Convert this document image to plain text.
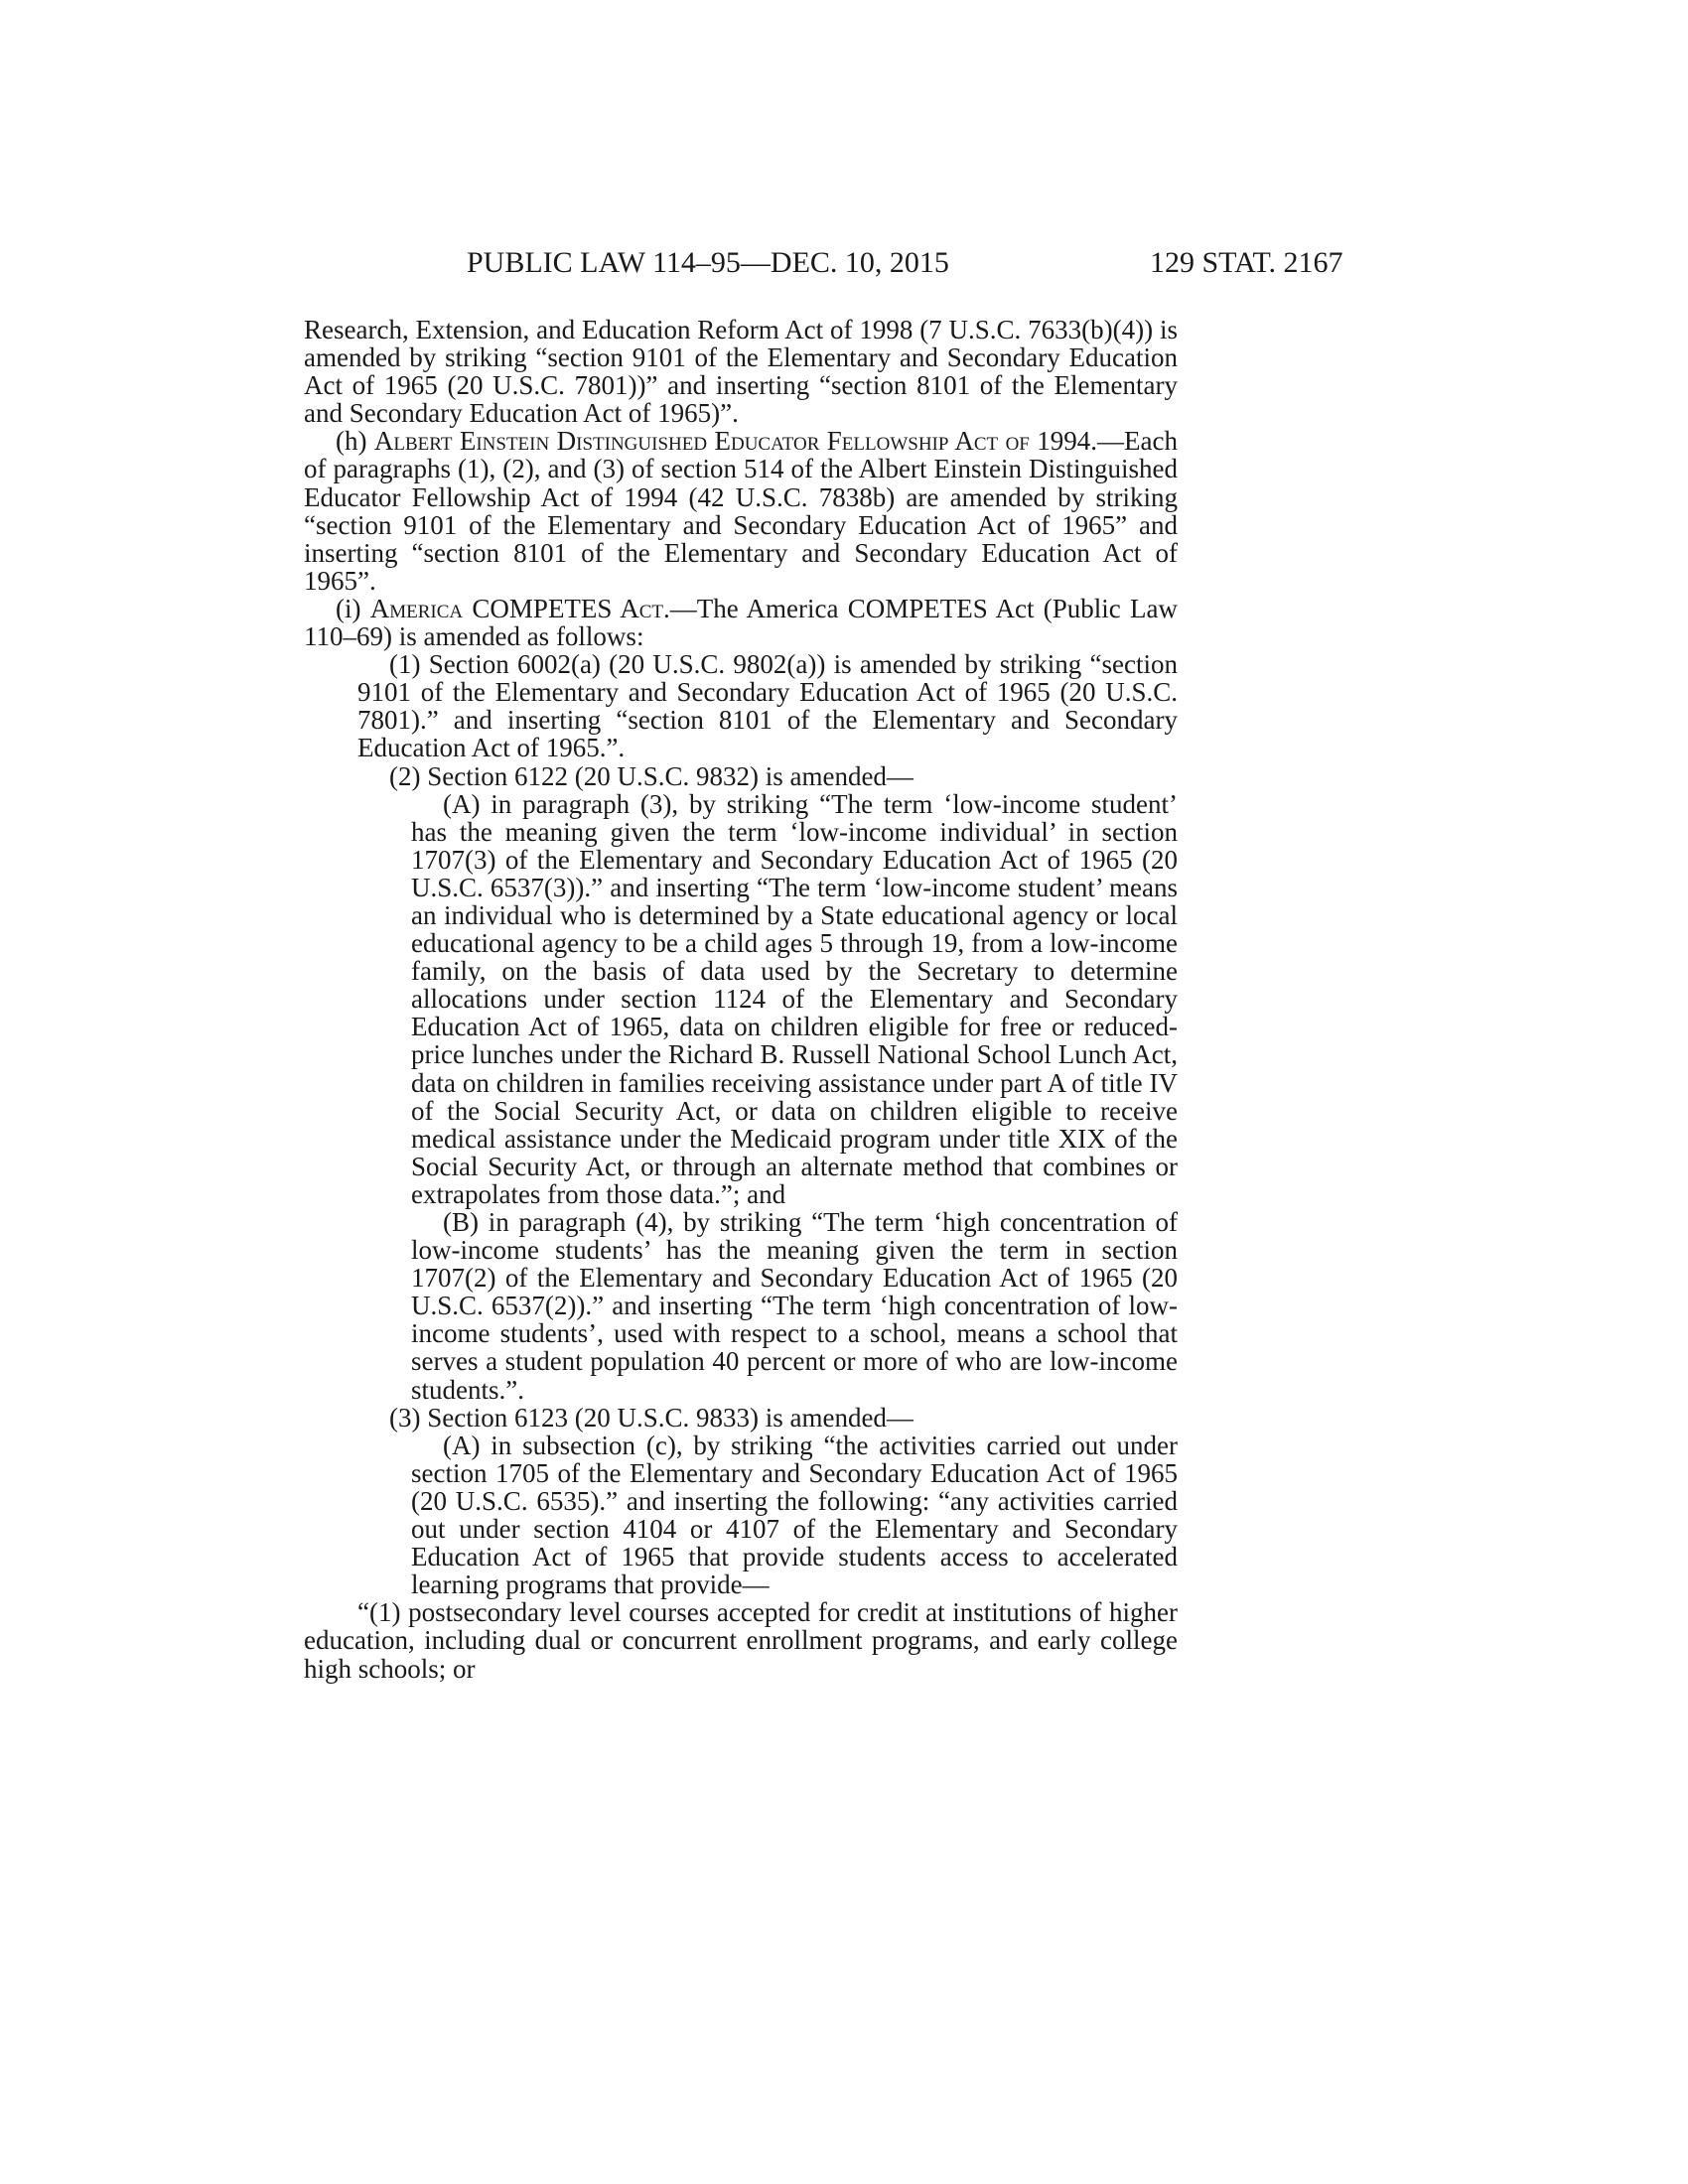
PUBLIC LAW 114–95—DEC. 10, 2015	129 STAT. 2167

Research, Extension, and Education Reform Act of 1998 (7 U.S.C. 7633(b)(4)) is amended by striking “section 9101 of the Elementary and Secondary Education Act of 1965 (20 U.S.C. 7801))” and inserting “section 8101 of the Elementary and Secondary Education Act of 1965)”.

(h) Albert Einstein Distinguished Educator Fellowship Act of 1994.—Each of paragraphs (1), (2), and (3) of section 514 of the Albert Einstein Distinguished Educator Fellowship Act of 1994 (42 U.S.C. 7838b) are amended by striking “section 9101 of the Elementary and Secondary Education Act of 1965” and inserting “section 8101 of the Elementary and Secondary Education Act of 1965”.

(i) America COMPETES Act.—The America COMPETES Act (Public Law 110–69) is amended as follows:

(1) Section 6002(a) (20 U.S.C. 9802(a)) is amended by striking “section 9101 of the Elementary and Secondary Education Act of 1965 (20 U.S.C. 7801).” and inserting “section 8101 of the Elementary and Secondary Education Act of 1965.”.

(2) Section 6122 (20 U.S.C. 9832) is amended—

(A) in paragraph (3), by striking “The term ‘low-income student’ has the meaning given the term ‘low-income individual’ in section 1707(3) of the Elementary and Secondary Education Act of 1965 (20 U.S.C. 6537(3)).” and inserting “The term ‘low-income student’ means an individual who is determined by a State educational agency or local educational agency to be a child ages 5 through 19, from a low-income family, on the basis of data used by the Secretary to determine allocations under section 1124 of the Elementary and Secondary Education Act of 1965, data on children eligible for free or reduced-price lunches under the Richard B. Russell National School Lunch Act, data on children in families receiving assistance under part A of title IV of the Social Security Act, or data on children eligible to receive medical assistance under the Medicaid program under title XIX of the Social Security Act, or through an alternate method that combines or extrapolates from those data.”; and

(B) in paragraph (4), by striking “The term ‘high concentration of low-income students’ has the meaning given the term in section 1707(2) of the Elementary and Secondary Education Act of 1965 (20 U.S.C. 6537(2)).” and inserting “The term ‘high concentration of low-income students’, used with respect to a school, means a school that serves a student population 40 percent or more of who are low-income students.”.

(3) Section 6123 (20 U.S.C. 9833) is amended—

(A) in subsection (c), by striking “the activities carried out under section 1705 of the Elementary and Secondary Education Act of 1965 (20 U.S.C. 6535).” and inserting the following: “any activities carried out under section 4104 or 4107 of the Elementary and Secondary Education Act of 1965 that provide students access to accelerated learning programs that provide—

“(1) postsecondary level courses accepted for credit at institutions of higher education, including dual or concurrent enrollment programs, and early college high schools; or
